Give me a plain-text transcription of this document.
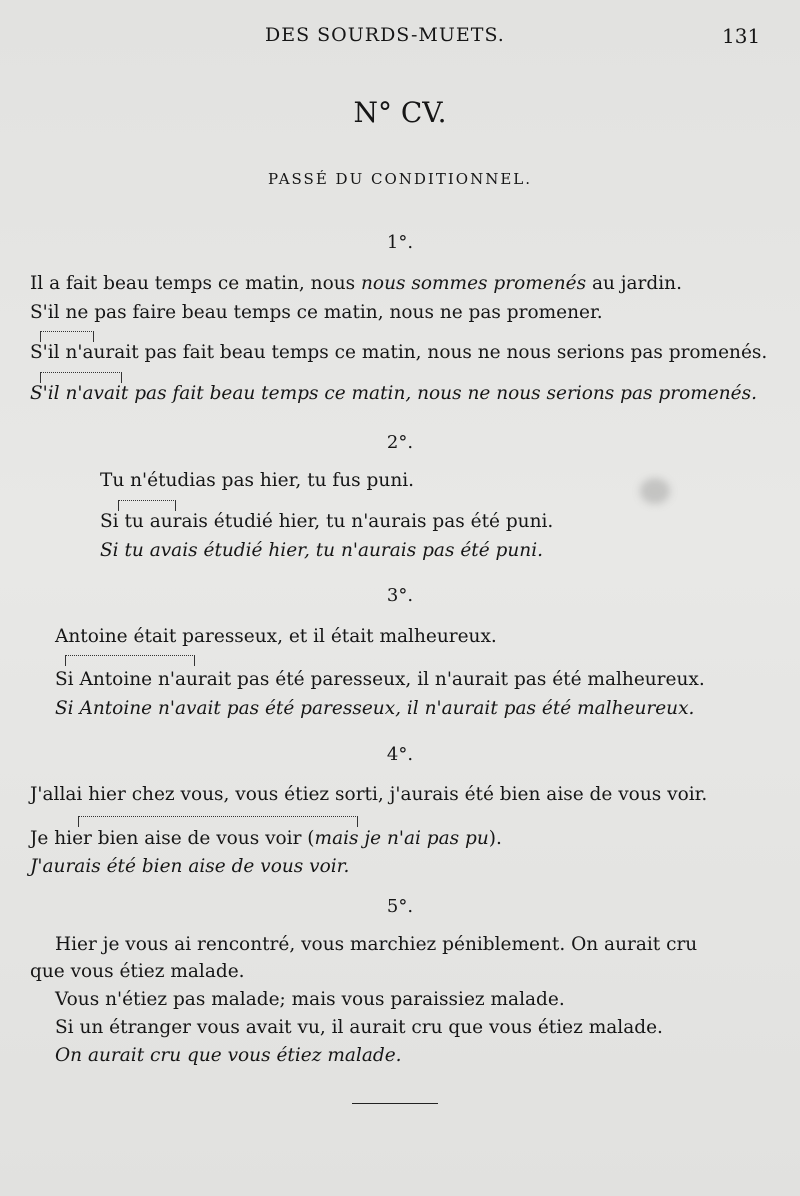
DES SOURDS-MUETS.	131
N° CV.
PASSÉ DU CONDITIONNEL.
1°.
Il a fait beau temps ce matin, nous nous sommes promenés au jardin.
S'il ne pas faire beau temps ce matin, nous ne pas promener.
S'il n'aurait pas fait beau temps ce matin, nous ne nous serions pas promenés.
S'il n'avait pas fait beau temps ce matin, nous ne nous serions pas promenés.
2°.
Tu n'étudias pas hier, tu fus puni.
Si tu aurais étudié hier, tu n'aurais pas été puni.
Si tu avais étudié hier, tu n'aurais pas été puni.
3°.
Antoine était paresseux, et il était malheureux.
Si Antoine n'aurait pas été paresseux, il n'aurait pas été malheureux.
Si Antoine n'avait pas été paresseux, il n'aurait pas été malheureux.
4°.
J'allai hier chez vous, vous étiez sorti, j'aurais été bien aise de vous voir.
Je hier bien aise de vous voir (mais je n'ai pas pu).
J'aurais été bien aise de vous voir.
5°.
Hier je vous ai rencontré, vous marchiez péniblement. On aurait cru
que vous étiez malade.
Vous n'étiez pas malade; mais vous paraissiez malade.
Si un étranger vous avait vu, il aurait cru que vous étiez malade.
On aurait cru que vous étiez malade.
